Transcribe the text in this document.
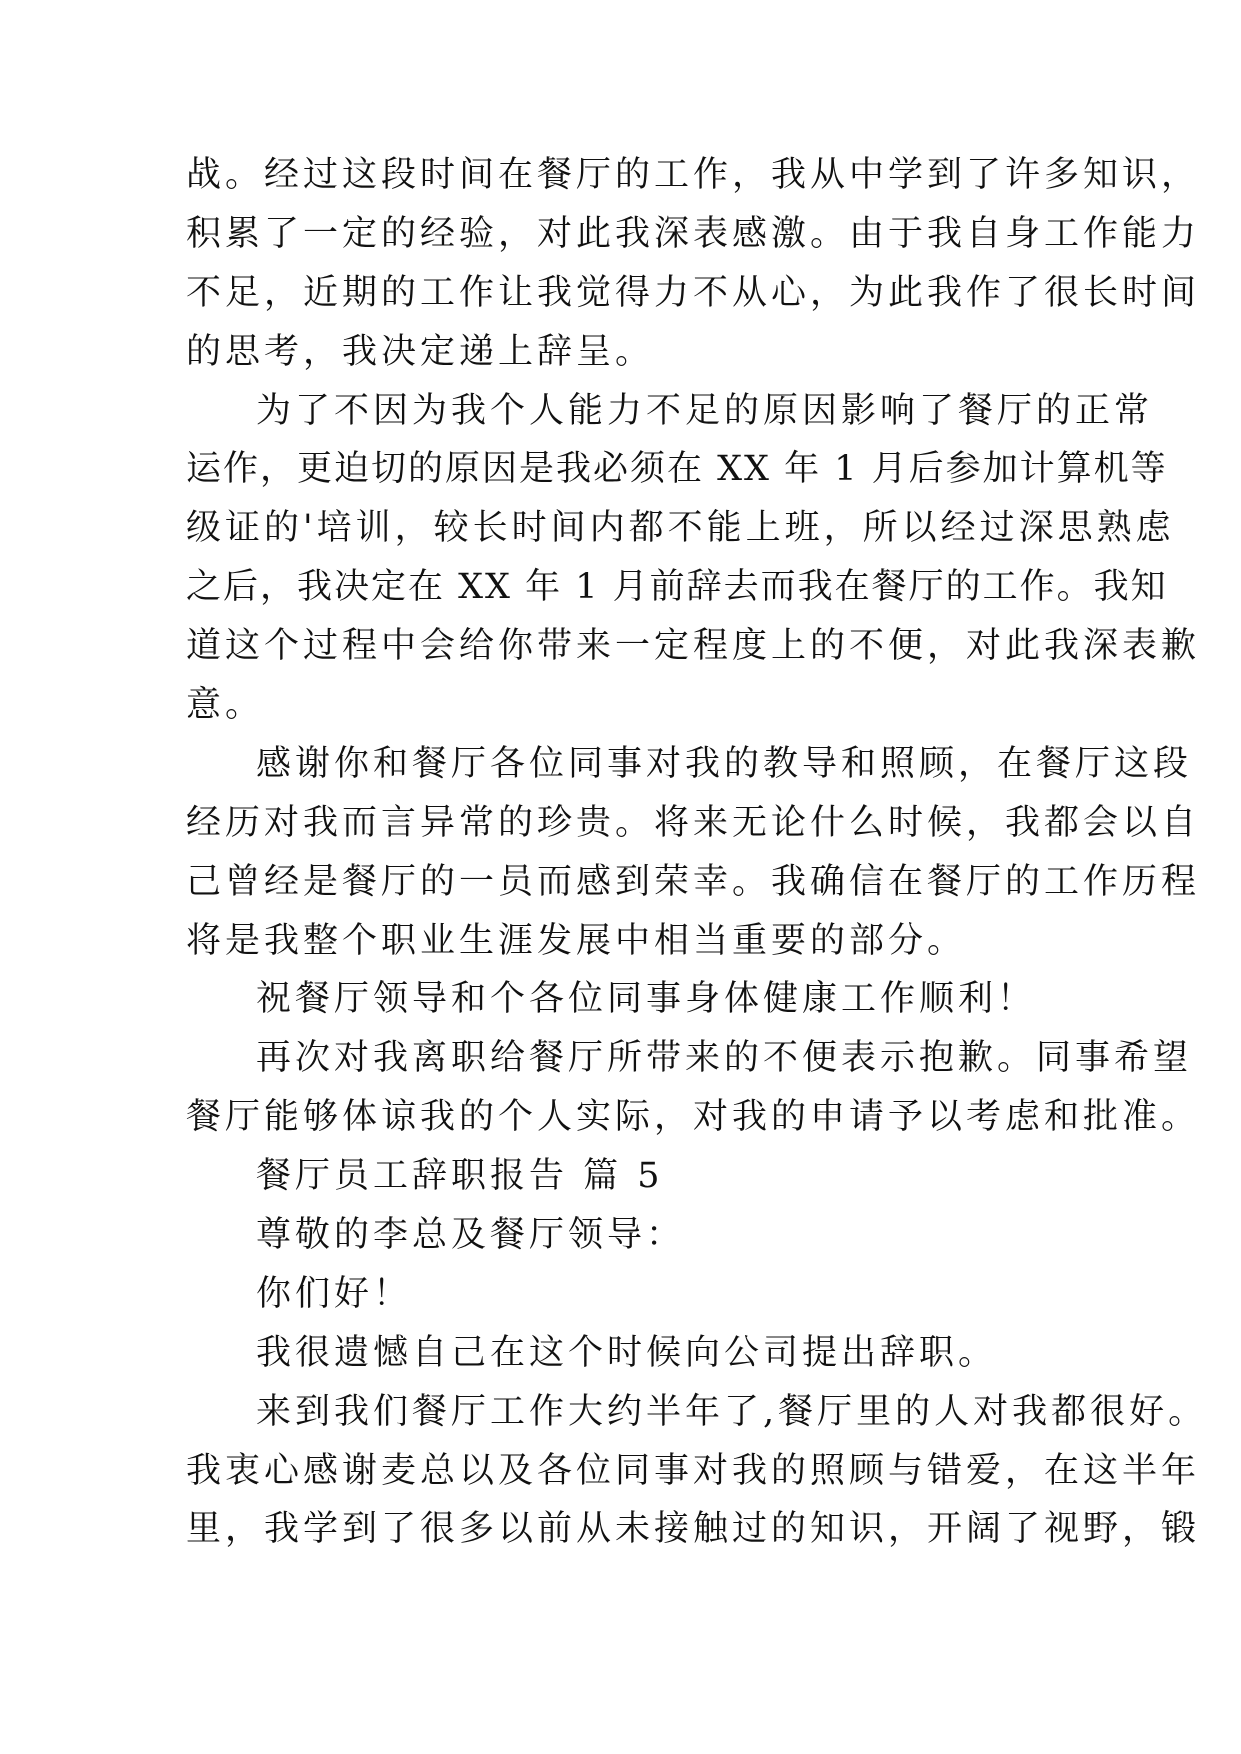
战。经过这段时间在餐厅的工作，我从中学到了许多知识，
积累了一定的经验，对此我深表感激。由于我自身工作能力
不足，近期的工作让我觉得力不从心，为此我作了很长时间
的思考，我决定递上辞呈。
为了不因为我个人能力不足的原因影响了餐厅的正常
运作，更迫切的原因是我必须在 XX 年 1 月后参加计算机等
级证的'培训，较长时间内都不能上班，所以经过深思熟虑
之后，我决定在 XX 年 1 月前辞去而我在餐厅的工作。我知
道这个过程中会给你带来一定程度上的不便，对此我深表歉
意。
感谢你和餐厅各位同事对我的教导和照顾，在餐厅这段
经历对我而言异常的珍贵。将来无论什么时候，我都会以自
己曾经是餐厅的一员而感到荣幸。我确信在餐厅的工作历程
将是我整个职业生涯发展中相当重要的部分。
祝餐厅领导和个各位同事身体健康工作顺利！
再次对我离职给餐厅所带来的不便表示抱歉。同事希望
餐厅能够体谅我的个人实际，对我的申请予以考虑和批准。
餐厅员工辞职报告 篇 5
尊敬的李总及餐厅领导：
你们好！
我很遗憾自己在这个时候向公司提出辞职。
来到我们餐厅工作大约半年了,餐厅里的人对我都很好。
我衷心感谢麦总以及各位同事对我的照顾与错爱，在这半年
里，我学到了很多以前从未接触过的知识，开阔了视野，锻
